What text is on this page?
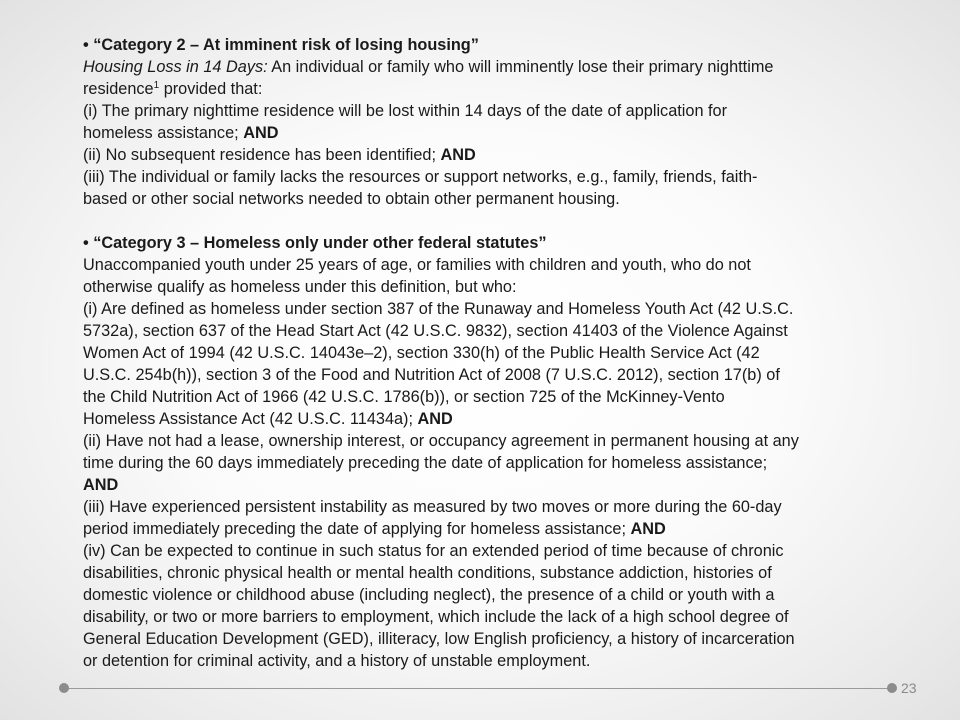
• “Category 2 – At imminent risk of losing housing”
Housing Loss in 14 Days: An individual or family who will imminently lose their primary nighttime
residence$^1$ provided that:
(i) The primary nighttime residence will be lost within 14 days of the date of application for
homeless assistance; AND
(ii) No subsequent residence has been identified; AND
(iii) The individual or family lacks the resources or support networks, e.g., family, friends, faith-
based or other social networks needed to obtain other permanent housing.
• “Category 3 – Homeless only under other federal statutes”
Unaccompanied youth under 25 years of age, or families with children and youth, who do not
otherwise qualify as homeless under this definition, but who:
(i) Are defined as homeless under section 387 of the Runaway and Homeless Youth Act (42 U.S.C.
5732a), section 637 of the Head Start Act (42 U.S.C. 9832), section 41403 of the Violence Against
Women Act of 1994 (42 U.S.C. 14043e–2), section 330(h) of the Public Health Service Act (42
U.S.C. 254b(h)), section 3 of the Food and Nutrition Act of 2008 (7 U.S.C. 2012), section 17(b) of
the Child Nutrition Act of 1966 (42 U.S.C. 1786(b)), or section 725 of the McKinney-Vento
Homeless Assistance Act (42 U.S.C. 11434a); AND
(ii) Have not had a lease, ownership interest, or occupancy agreement in permanent housing at any
time during the 60 days immediately preceding the date of application for homeless assistance;
AND
(iii) Have experienced persistent instability as measured by two moves or more during the 60-day
period immediately preceding the date of applying for homeless assistance; AND
(iv) Can be expected to continue in such status for an extended period of time because of chronic
disabilities, chronic physical health or mental health conditions, substance addiction, histories of
domestic violence or childhood abuse (including neglect), the presence of a child or youth with a
disability, or two or more barriers to employment, which include the lack of a high school degree of
General Education Development (GED), illiteracy, low English proficiency, a history of incarceration
or detention for criminal activity, and a history of unstable employment.
23
